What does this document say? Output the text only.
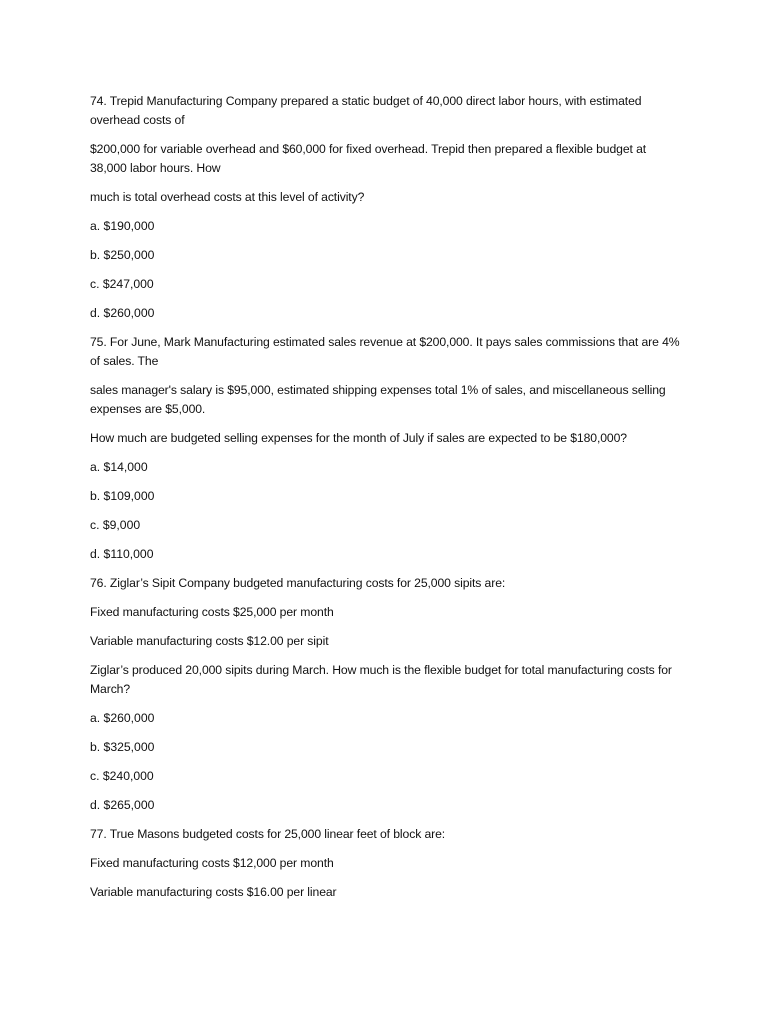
74. Trepid Manufacturing Company prepared a static budget of 40,000 direct labor hours, with estimated overhead costs of

$200,000 for variable overhead and $60,000 for fixed overhead. Trepid then prepared a flexible budget at 38,000 labor hours. How

much is total overhead costs at this level of activity?

a. $190,000

b. $250,000

c. $247,000

d. $260,000

75. For June, Mark Manufacturing estimated sales revenue at $200,000. It pays sales commissions that are 4% of sales. The

sales manager's salary is $95,000, estimated shipping expenses total 1% of sales, and miscellaneous selling expenses are $5,000.

How much are budgeted selling expenses for the month of July if sales are expected to be $180,000?

a. $14,000

b. $109,000

c. $9,000

d. $110,000

76. Ziglar’s Sipit Company budgeted manufacturing costs for 25,000 sipits are:

Fixed manufacturing costs $25,000 per month

Variable manufacturing costs $12.00 per sipit

Ziglar’s produced 20,000 sipits during March. How much is the flexible budget for total manufacturing costs for March?

a. $260,000

b. $325,000

c. $240,000

d. $265,000

77. True Masons budgeted costs for 25,000 linear feet of block are:

Fixed manufacturing costs $12,000 per month

Variable manufacturing costs $16.00 per linear
